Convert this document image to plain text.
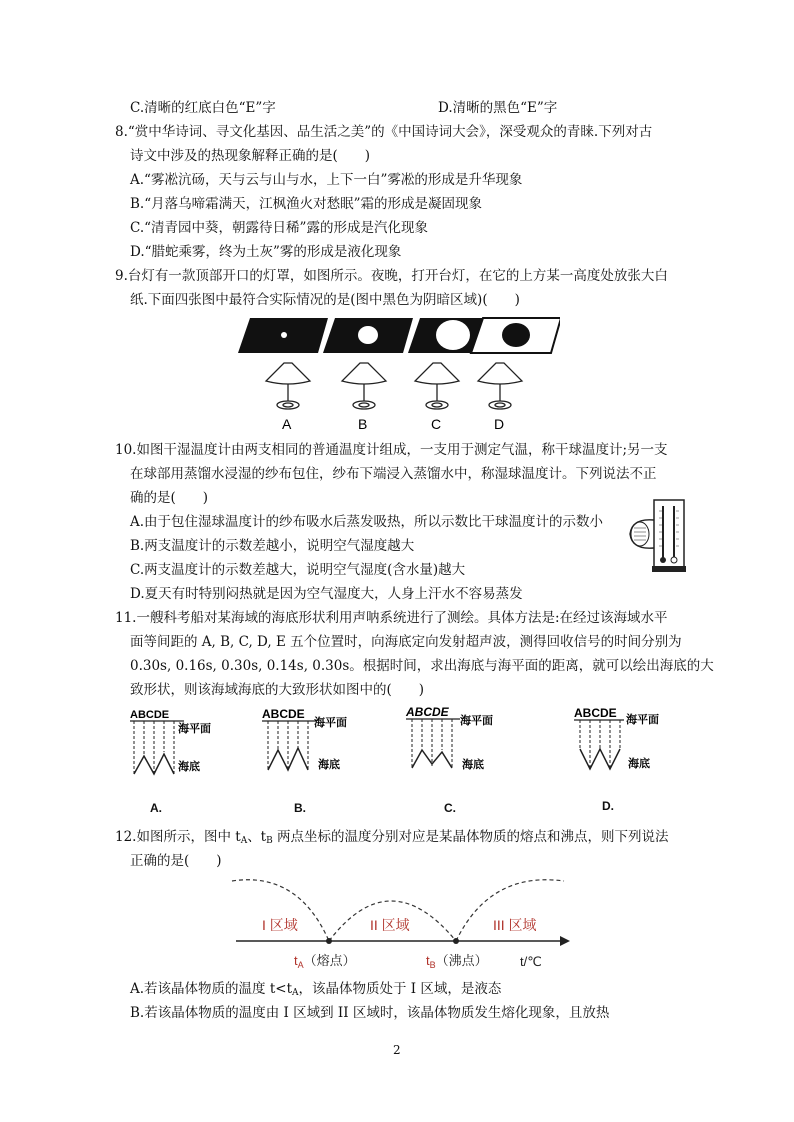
C.清晰的红底白色“E”字	D.清晰的黑色“E”字
8.“赏中华诗词、寻文化基因、品生活之美”的《中国诗词大会》，深受观众的青睐.下列对古
诗文中涉及的热现象解释正确的是(　　)
A.“雾凇沆砀，天与云与山与水，上下一白”雾凇的形成是升华现象
B.“月落乌啼霜满天，江枫渔火对愁眠”霜的形成是凝固现象
C.“清青园中葵，朝露待日稀”露的形成是汽化现象
D.“腊蛇乘雾，终为土灰”雾的形成是液化现象
9.台灯有一款顶部开口的灯罩，如图所示。夜晚，打开台灯，在它的上方某一高度处放张大白
纸.下面四张图中最符合实际情况的是(图中黑色为阴暗区域)(　　)
A	B	C	D
10.如图干湿温度计由两支相同的普通温度计组成，一支用于测定气温，称干球温度计;另一支
在球部用蒸馏水浸湿的纱布包住，纱布下端浸入蒸馏水中，称湿球温度计。下列说法不正
确的是(　　)
A.由于包住湿球温度计的纱布吸水后蒸发吸热，所以示数比干球温度计的示数小
B.两支温度计的示数差越小，说明空气湿度越大
C.两支温度计的示数差越大，说明空气湿度(含水量)越大
D.夏天有时特别闷热就是因为空气湿度大，人身上汗水不容易蒸发
11.一艘科考船对某海域的海底形状利用声呐系统进行了测绘。具体方法是:在经过该海域水平
面等间距的 A, B, C, D, E 五个位置时，向海底定向发射超声波，测得回收信号的时间分别为
0.30s, 0.16s, 0.30s, 0.14s, 0.30s。根据时间，求出海底与海平面的距离，就可以绘出海底的大
致形状，则该海域海底的大致形状如图中的(　　)
ABCDE
海平面
海底
ABCDE
海平面
海底
ABCDE
海平面
海底
ABCDE 海平面
海底
A.	B.	C.	D.
12.如图所示，图中 $t_A$、$t_B$ 两点坐标的温度分别对应是某晶体物质的熔点和沸点，则下列说法
正确的是(　　)
I 区域	II 区域	III 区域
$t_A$（熔点）	$t_B$（沸点） t/℃
A.若该晶体物质的温度 $t<t_A$，该晶体物质处于 I 区域，是液态
B.若该晶体物质的温度由 I 区域到 II 区域时，该晶体物质发生熔化现象，且放热
2
